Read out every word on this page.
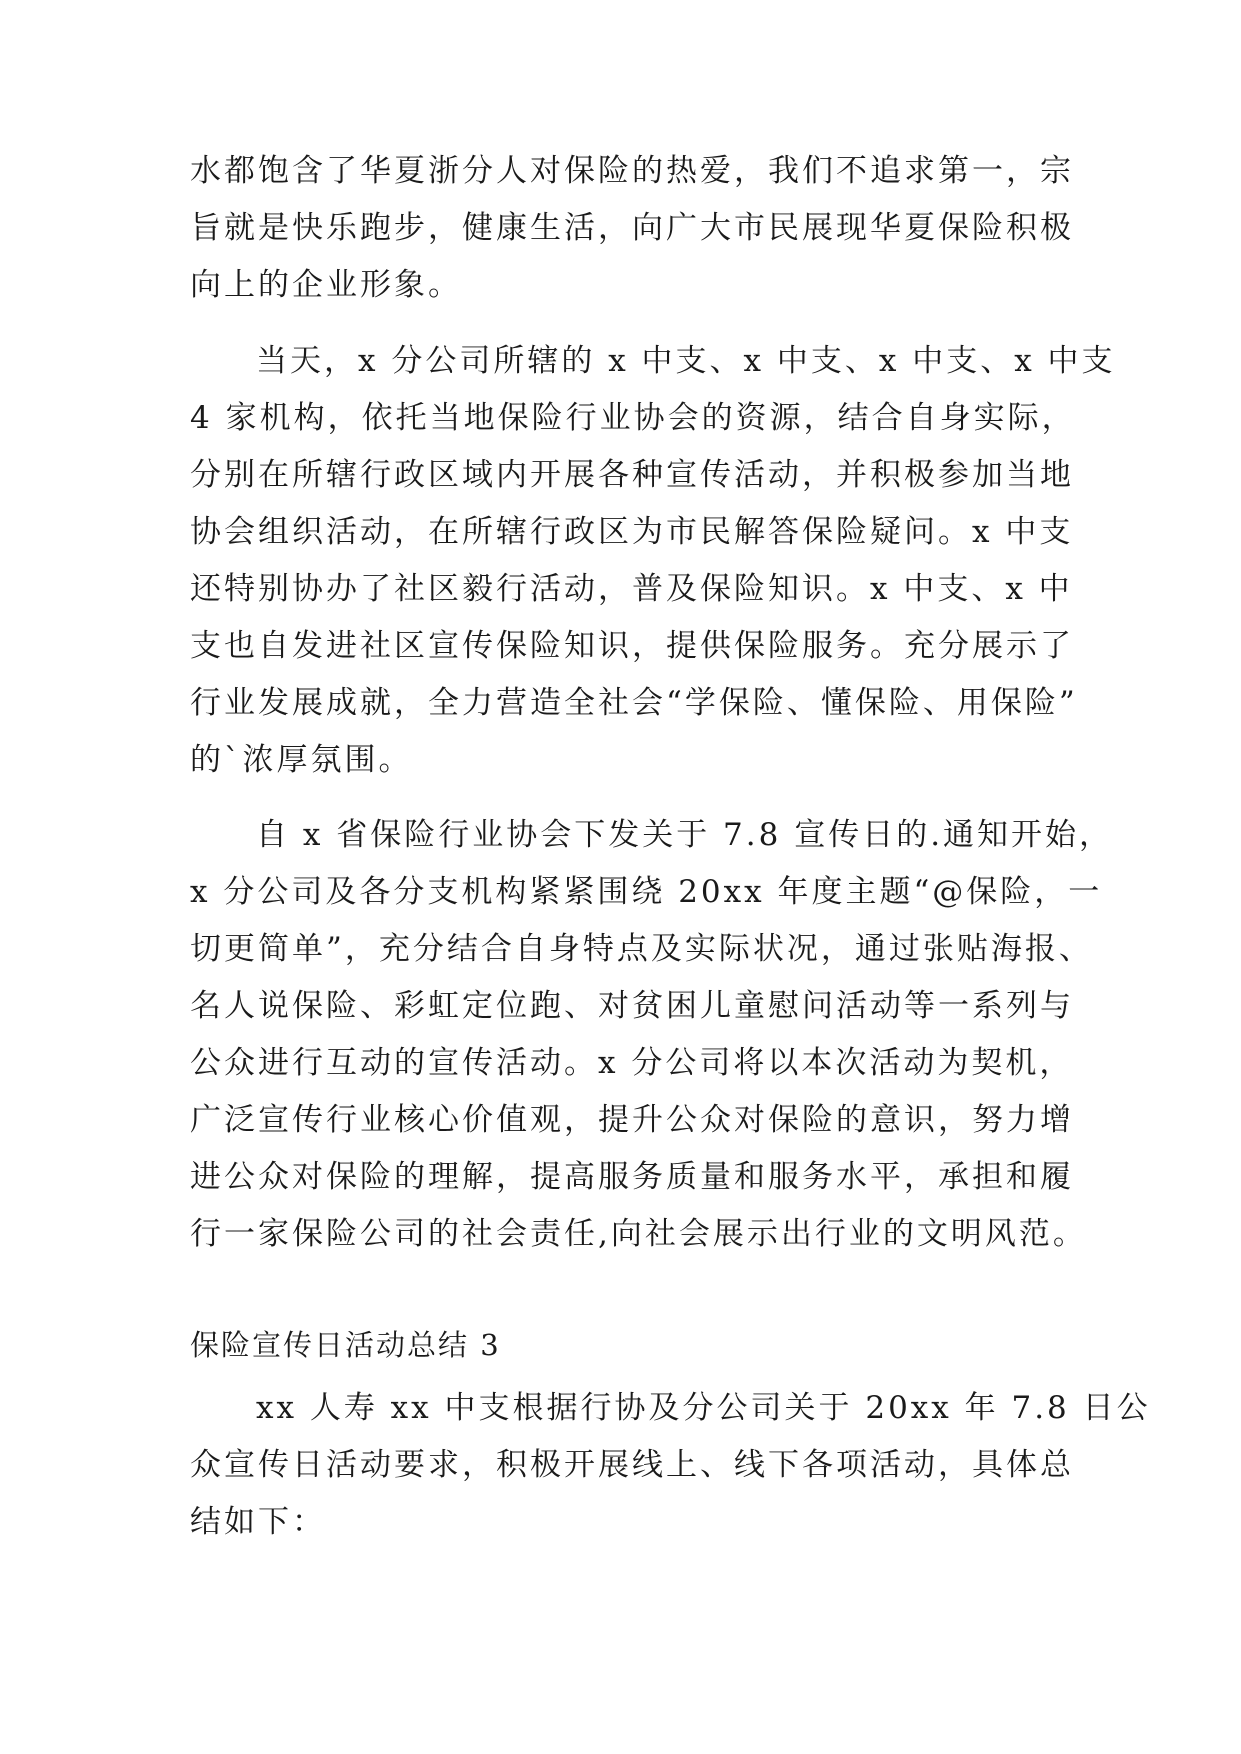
水都饱含了华夏浙分人对保险的热爱，我们不追求第一，宗
旨就是快乐跑步，健康生活，向广大市民展现华夏保险积极
向上的企业形象。
当天，x 分公司所辖的 x 中支、x 中支、x 中支、x 中支
4 家机构，依托当地保险行业协会的资源，结合自身实际，
分别在所辖行政区域内开展各种宣传活动，并积极参加当地
协会组织活动，在所辖行政区为市民解答保险疑问。x 中支
还特别协办了社区毅行活动，普及保险知识。x 中支、x 中
支也自发进社区宣传保险知识，提供保险服务。充分展示了
行业发展成就，全力营造全社会“学保险、懂保险、用保险”
的`浓厚氛围。
自 x 省保险行业协会下发关于 7.8 宣传日的.通知开始，
x 分公司及各分支机构紧紧围绕 20xx 年度主题“@保险，一
切更简单”，充分结合自身特点及实际状况，通过张贴海报、
名人说保险、彩虹定位跑、对贫困儿童慰问活动等一系列与
公众进行互动的宣传活动。x 分公司将以本次活动为契机，
广泛宣传行业核心价值观，提升公众对保险的意识，努力增
进公众对保险的理解，提高服务质量和服务水平，承担和履
行一家保险公司的社会责任,向社会展示出行业的文明风范。
保险宣传日活动总结 3
xx 人寿 xx 中支根据行协及分公司关于 20xx 年 7.8 日公
众宣传日活动要求，积极开展线上、线下各项活动，具体总
结如下：
